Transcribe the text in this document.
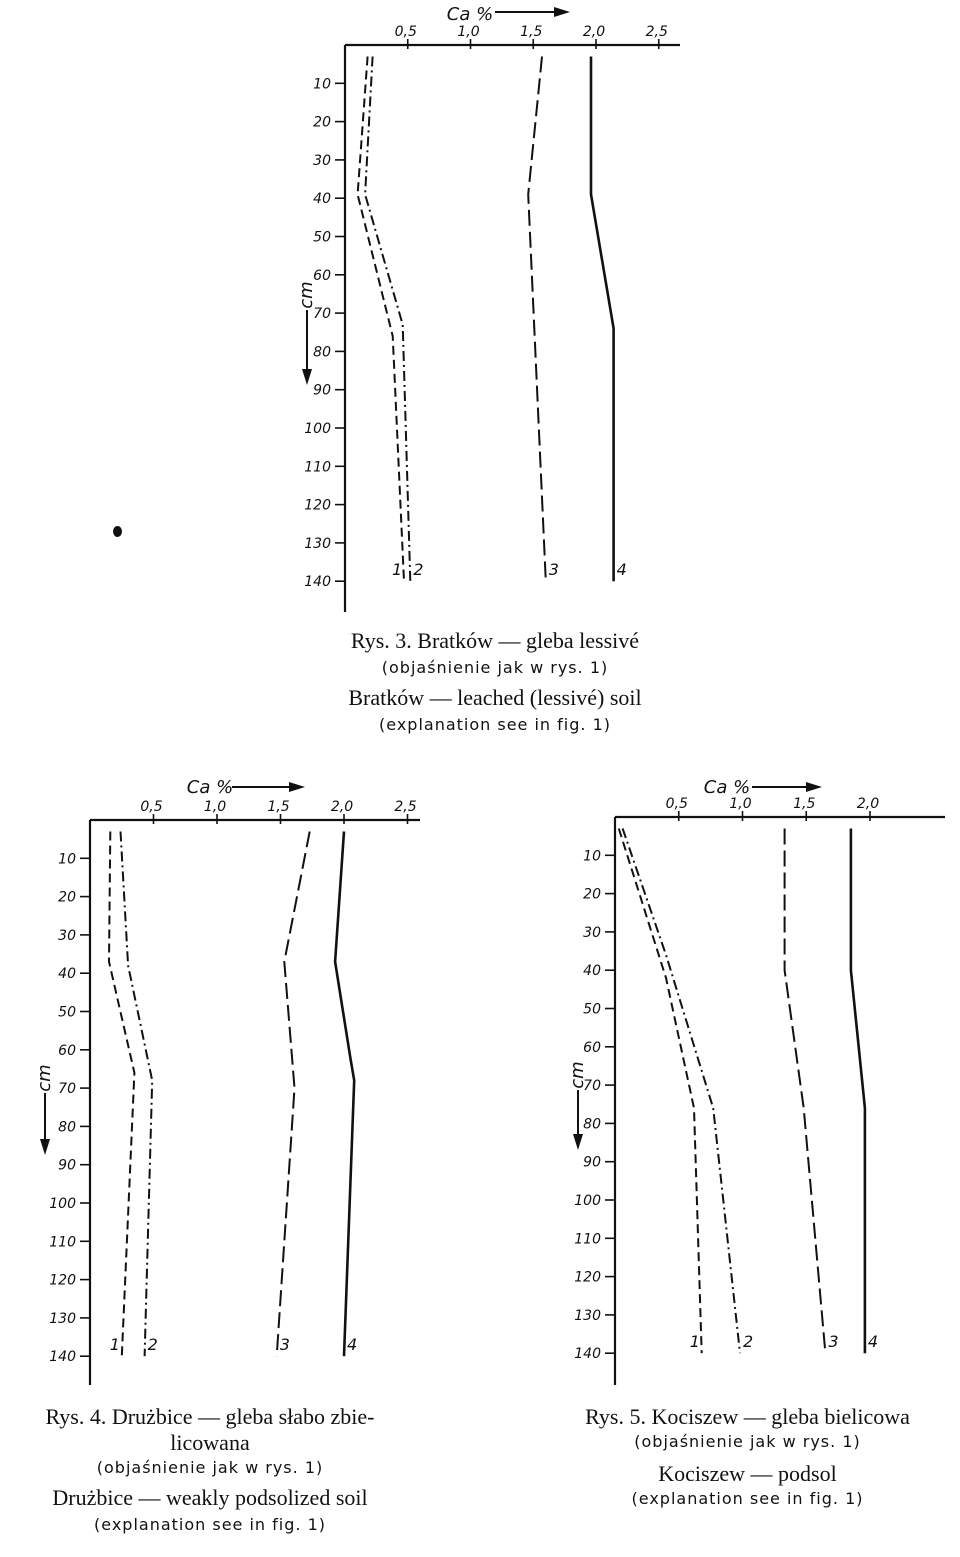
0,5	1,0	1,5	2,0	2,5
10
20
30
40
50
60
70
80
90
100
110
120
130
140
Ca %
cm
1 2	3	4
0,5	1,0	1,5	2,0	2,5
10
20
30
40
50
60
70
80
90
100
110
120
130
140
Ca %
cm
1 2	3	4
0,5	1,0	1,5	2,0
10
20
30
40
50
60
70
80
90
100
110
120
130
140
Ca %
cm
1	2	3 4
Rys. 3. Bratków — gleba lessivé
(objaśnienie jak w rys. 1)
Bratków — leached (lessivé) soil
(explanation see in fig. 1)
Rys. 4. Drużbice — gleba słabo zbie-
licowana
(objaśnienie jak w rys. 1)
Drużbice — weakly podsolized soil
(explanation see in fig. 1)
Rys. 5. Kociszew — gleba bielicowa
(objaśnienie jak w rys. 1)
Kociszew — podsol
(explanation see in fig. 1)
